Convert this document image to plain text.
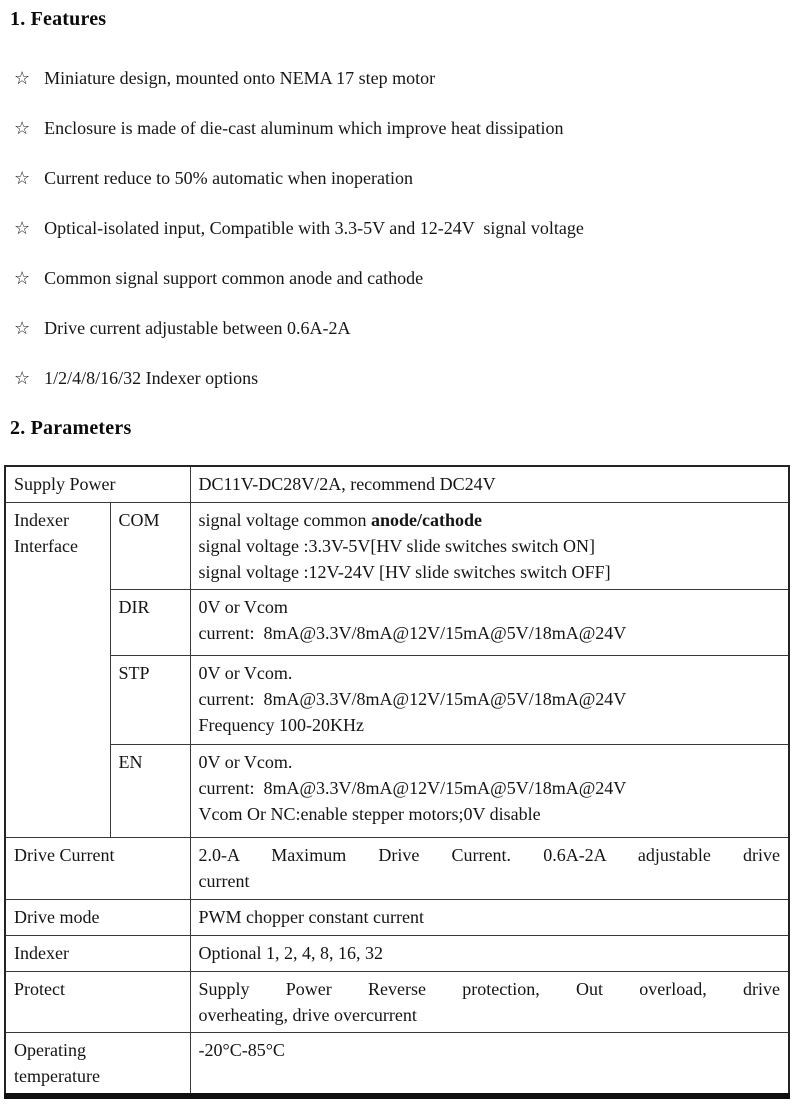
1. Features
☆ Miniature design, mounted onto NEMA 17 step motor
☆ Enclosure is made of die-cast aluminum which improve heat dissipation
☆ Current reduce to 50% automatic when inoperation
☆ Optical-isolated input, Compatible with 3.3-5V and 12-24V  signal voltage
☆ Common signal support common anode and cathode
☆ Drive current adjustable between 0.6A-2A
☆ 1/2/4/8/16/32 Indexer options
2. Parameters
Supply Power		DC11V-DC28V/2A, recommend DC24V

Indexer Interface	COM	signal voltage common anode/cathode
signal voltage :3.3V-5V[HV slide switches switch ON]
signal voltage :12V-24V [HV slide switches switch OFF]

	DIR	0V or Vcom
current:  8mA@3.3V/8mA@12V/15mA@5V/18mA@24V

	STP	0V or Vcom.
current:  8mA@3.3V/8mA@12V/15mA@5V/18mA@24V
Frequency 100-20KHz

	EN	0V or Vcom.
current:  8mA@3.3V/8mA@12V/15mA@5V/18mA@24V
Vcom Or NC:enable stepper motors;0V disable

Drive Current		2.0-A Maximum Drive Current. 0.6A-2A adjustable drive
current

Drive mode		PWM chopper constant current
Indexer		Optional 1, 2, 4, 8, 16, 32
Protect		Supply Power Reverse protection, Out overload, drive
overheating, drive overcurrent

Operating temperature		-20°C-85°C
